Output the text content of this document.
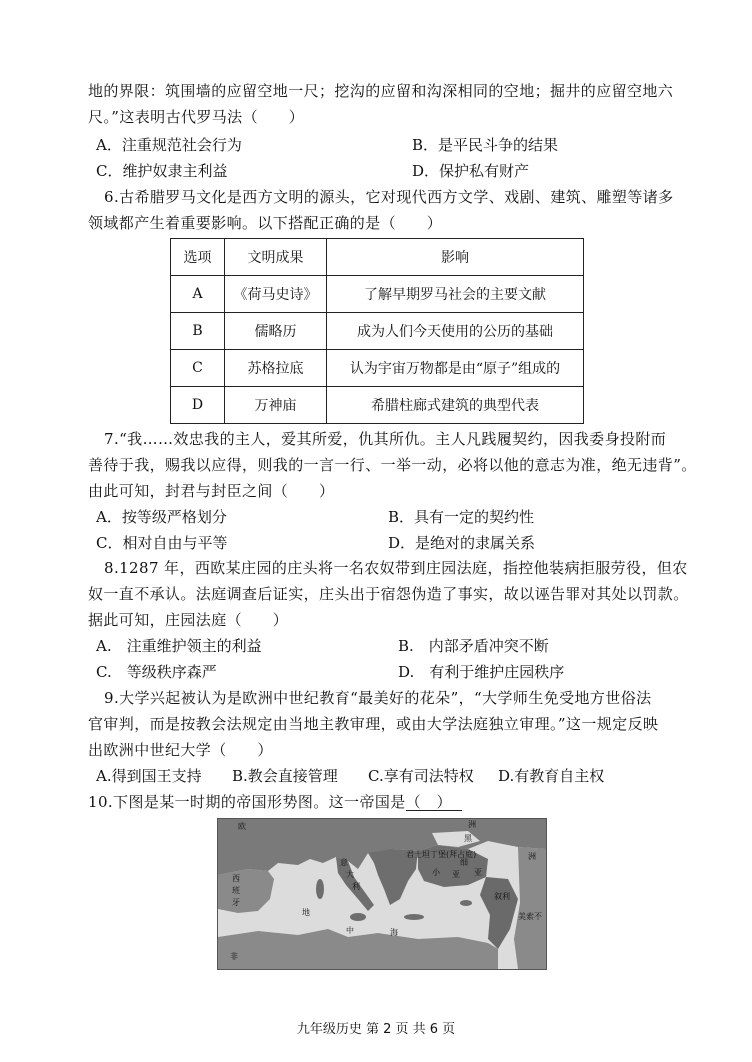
地的界限：筑围墙的应留空地一尺；挖沟的应留和沟深相同的空地；掘井的应留空地六
尺。”这表明古代罗马法（　　）
A．注重规范社会行为	B．是平民斗争的结果
C．维护奴隶主利益	D．保护私有财产
6.古希腊罗马文化是西方文明的源头，它对现代西方文学、戏剧、建筑、雕塑等诸多
领域都产生着重要影响。以下搭配正确的是（　　）
选项	文明成果	影响
A	《荷马史诗》	了解早期罗马社会的主要文献
B	儒略历	成为人们今天使用的公历的基础
C	苏格拉底	认为宇宙万物都是由“原子”组成的
D	万神庙	希腊柱廊式建筑的典型代表
7.“我……效忠我的主人，爱其所爱，仇其所仇。主人凡践履契约，因我委身投附而
善待于我，赐我以应得，则我的一言一行、一举一动，必将以他的意志为准，绝无违背”。
由此可知，封君与封臣之间（　　）
A．按等级严格划分	B．具有一定的契约性
C．相对自由与平等	D．是绝对的隶属关系
8.1287 年，西欧某庄园的庄头将一名农奴带到庄园法庭，指控他装病拒服劳役，但农
奴一直不承认。法庭调查后证实，庄头出于宿怨伪造了事实，故以诬告罪对其处以罚款。
据此可知，庄园法庭（　　）
A.　注重维护领主的利益	B.　内部矛盾冲突不断
C.　等级秩序森严	D.　有利于维护庄园秩序
9.大学兴起被认为是欧洲中世纪教育“最美好的花朵”，“大学师生免受地方世俗法
官审判，而是按教会法规定由当地主教审理，或由大学法庭独立审理。”这一规定反映
出欧洲中世纪大学（　　）
A.得到国王支持 B.教会直接管理 C.享有司法特权 D.有教育自主权
10.下图是某一时期的帝国形势图。这一帝国是（　）
欧	洲
西
班
牙
意
大
利
地
中	海
非
黑
君士坦丁堡(拜占庭)
小 亚
细
亚
洲
叙利
美索不
九年级历史 第 2 页 共 6 页
